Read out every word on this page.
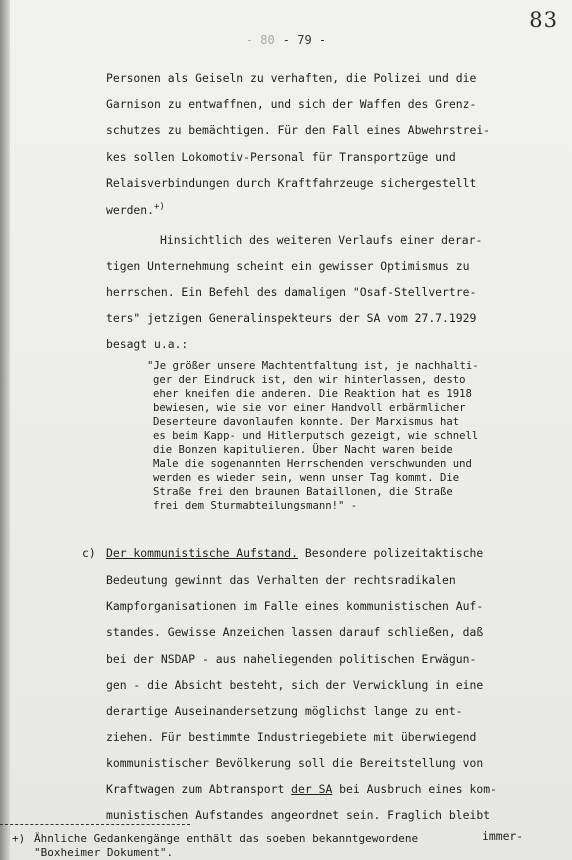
83
- 80 - 79 -
Personen als Geiseln zu verhaften, die Polizei und die
Garnison zu entwaffnen, und sich der Waffen des Grenz-
schutzes zu bemächtigen. Für den Fall eines Abwehrstrei-
kes sollen Lokomotiv-Personal für Transportzüge und
Relaisverbindungen durch Kraftfahrzeuge sichergestellt
werden.+)
Hinsichtlich des weiteren Verlaufs einer derar-
tigen Unternehmung scheint ein gewisser Optimismus zu
herrschen. Ein Befehl des damaligen "Osaf-Stellvertre-
ters" jetzigen Generalinspekteurs der SA vom 27.7.1929
besagt u.a.:
"Je größer unsere Machtentfaltung ist, je nachhalti-
ger der Eindruck ist, den wir hinterlassen, desto
eher kneifen die anderen. Die Reaktion hat es 1918
bewiesen, wie sie vor einer Handvoll erbärmlicher
Deserteure davonlaufen konnte. Der Marxismus hat
es beim Kapp- und Hitlerputsch gezeigt, wie schnell
die Bonzen kapitulieren. Über Nacht waren beide
Male die sogenannten Herrschenden verschwunden und
werden es wieder sein, wenn unser Tag kommt. Die
Straße frei den braunen Bataillonen, die Straße
frei dem Sturmabteilungsmann!" -
c) Der kommunistische Aufstand. Besondere polizeitaktische
Bedeutung gewinnt das Verhalten der rechtsradikalen
Kampforganisationen im Falle eines kommunistischen Auf-
standes. Gewisse Anzeichen lassen darauf schließen, daß
bei der NSDAP - aus naheliegenden politischen Erwägun-
gen - die Absicht besteht, sich der Verwicklung in eine
derartige Auseinandersetzung möglichst lange zu ent-
ziehen. Für bestimmte Industriegebiete mit überwiegend
kommunistischer Bevölkerung soll die Bereitstellung von
Kraftwagen zum Abtransport der SA bei Ausbruch eines kom-
munistischen Aufstandes angeordnet sein. Fraglich bleibt
immer-
+) Ähnliche Gedankengänge enthält das soeben bekanntgewordene
"Boxheimer Dokument".
